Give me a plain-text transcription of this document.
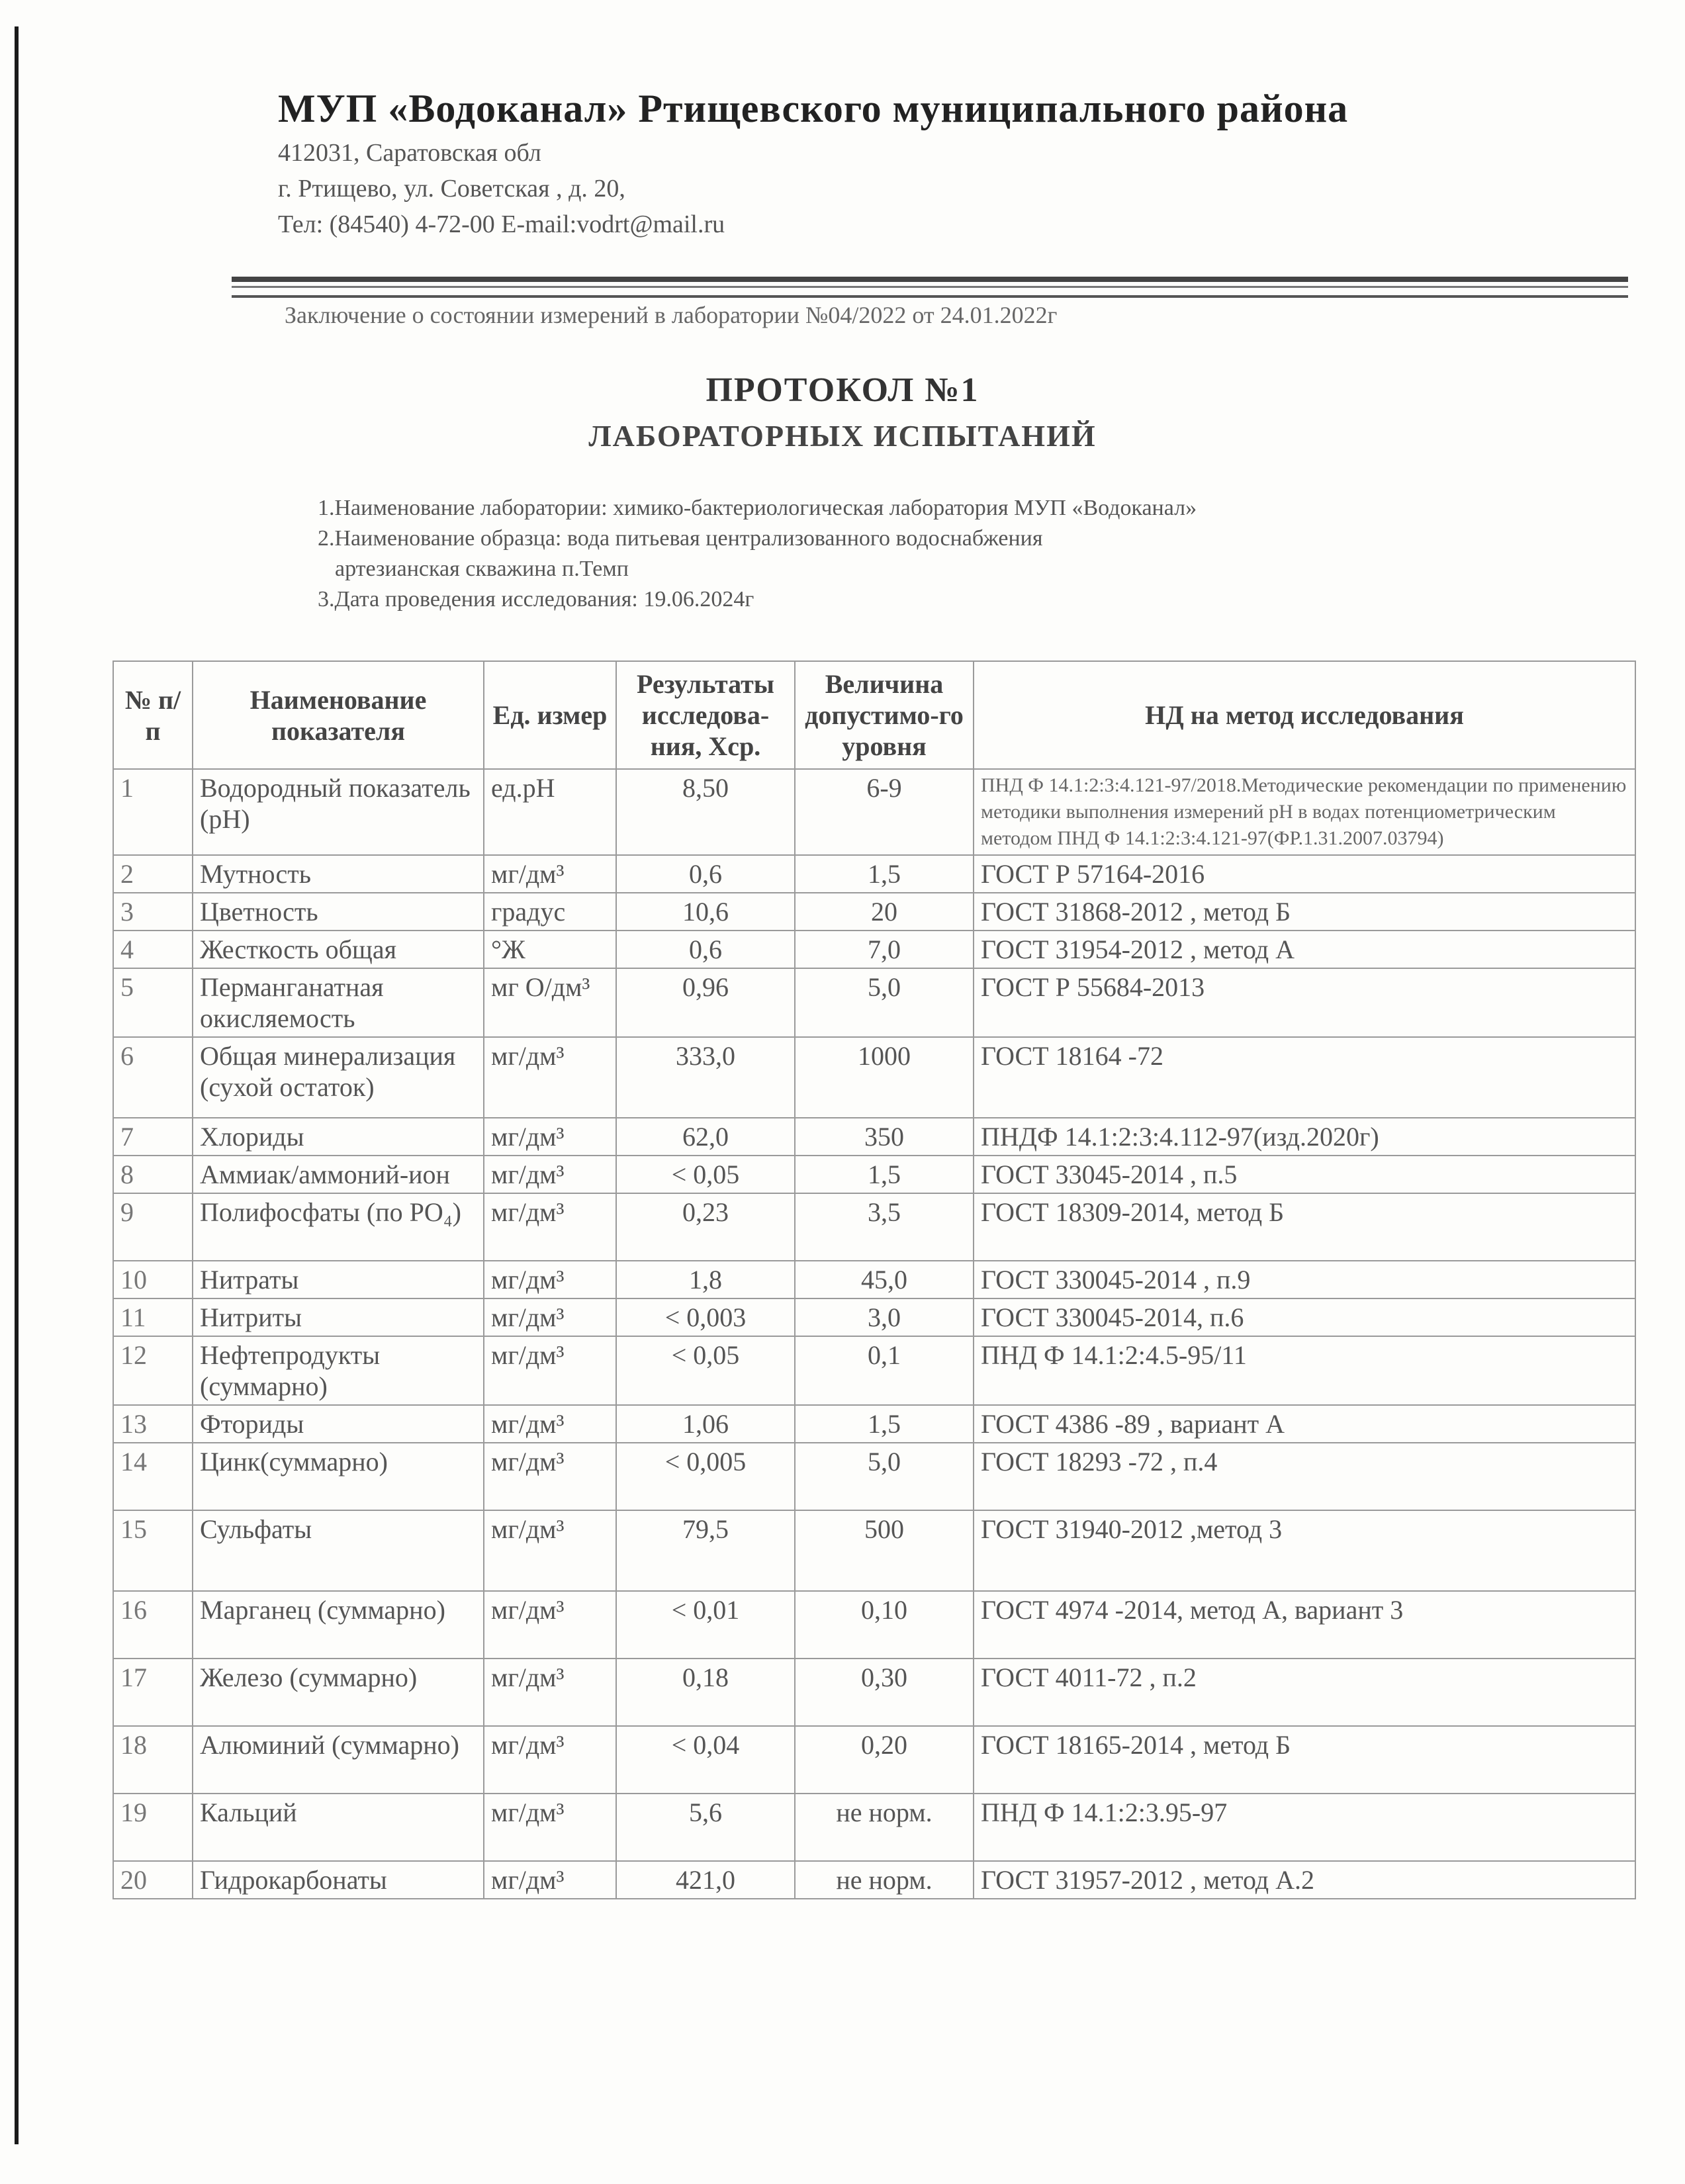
МУП «Водоканал» Ртищевского муниципального района
412031, Саратовская обл
г. Ртищево, ул. Советская , д. 20,
Тел: (84540) 4-72-00 E-mail:vodrt@mail.ru
Заключение о состоянии измерений в лаборатории №04/2022 от 24.01.2022г
ПРОТОКОЛ №1
ЛАБОРАТОРНЫХ ИСПЫТАНИЙ
1.Наименование лаборатории: химико-бактериологическая лаборатория МУП «Водоканал»
2.Наименование образца: вода питьевая централизованного водоснабжения
артезианская скважина п.Темп
3.Дата проведения исследования: 19.06.2024г
№ п/п	Наименование показателя	Ед. измер	Результаты исследова-ния, Хср.	Величина допустимо-го уровня	НД на метод исследования
1	Водородный показатель (pH)	ед.pH	8,50	6-9	ПНД Ф 14.1:2:3:4.121-97/2018.Методические рекомендации по применению методики выполнения измерений pH в водах потенциометрическим методом ПНД Ф 14.1:2:3:4.121-97(ФР.1.31.2007.03794)
2	Мутность	мг/дм³	0,6	1,5	ГОСТ Р 57164-2016
3	Цветность	градус	10,6	20	ГОСТ 31868-2012 , метод Б
4	Жесткость общая	°Ж	0,6	7,0	ГОСТ 31954-2012 , метод А
5	Перманганатная окисляемость	мг О/дм³	0,96	5,0	ГОСТ Р 55684-2013
6	Общая минерализация (сухой остаток)	мг/дм³	333,0	1000	ГОСТ 18164 -72
7	Хлориды	мг/дм³	62,0	350	ПНДФ 14.1:2:3:4.112-97(изд.2020г)
8	Аммиак/аммоний-ион	мг/дм³	< 0,05	1,5	ГОСТ 33045-2014 , п.5
9	Полифосфаты (по PO₄)	мг/дм³	0,23	3,5	ГОСТ 18309-2014, метод Б
10	Нитраты	мг/дм³	1,8	45,0	ГОСТ 330045-2014 , п.9
11	Нитриты	мг/дм³	< 0,003	3,0	ГОСТ 330045-2014, п.6
12	Нефтепродукты (суммарно)	мг/дм³	< 0,05	0,1	ПНД Ф 14.1:2:4.5-95/11
13	Фториды	мг/дм³	1,06	1,5	ГОСТ 4386 -89 , вариант А
14	Цинк(суммарно)	мг/дм³	< 0,005	5,0	ГОСТ 18293 -72 , п.4
15	Сульфаты	мг/дм³	79,5	500	ГОСТ 31940-2012 ,метод 3
16	Марганец (суммарно)	мг/дм³	< 0,01	0,10	ГОСТ 4974 -2014, метод А, вариант 3
17	Железо (суммарно)	мг/дм³	0,18	0,30	ГОСТ 4011-72 , п.2
18	Алюминий (суммарно)	мг/дм³	< 0,04	0,20	ГОСТ 18165-2014 , метод Б
19	Кальций	мг/дм³	5,6	не норм.	ПНД Ф 14.1:2:3.95-97
20	Гидрокарбонаты	мг/дм³	421,0	не норм.	ГОСТ 31957-2012 , метод А.2
